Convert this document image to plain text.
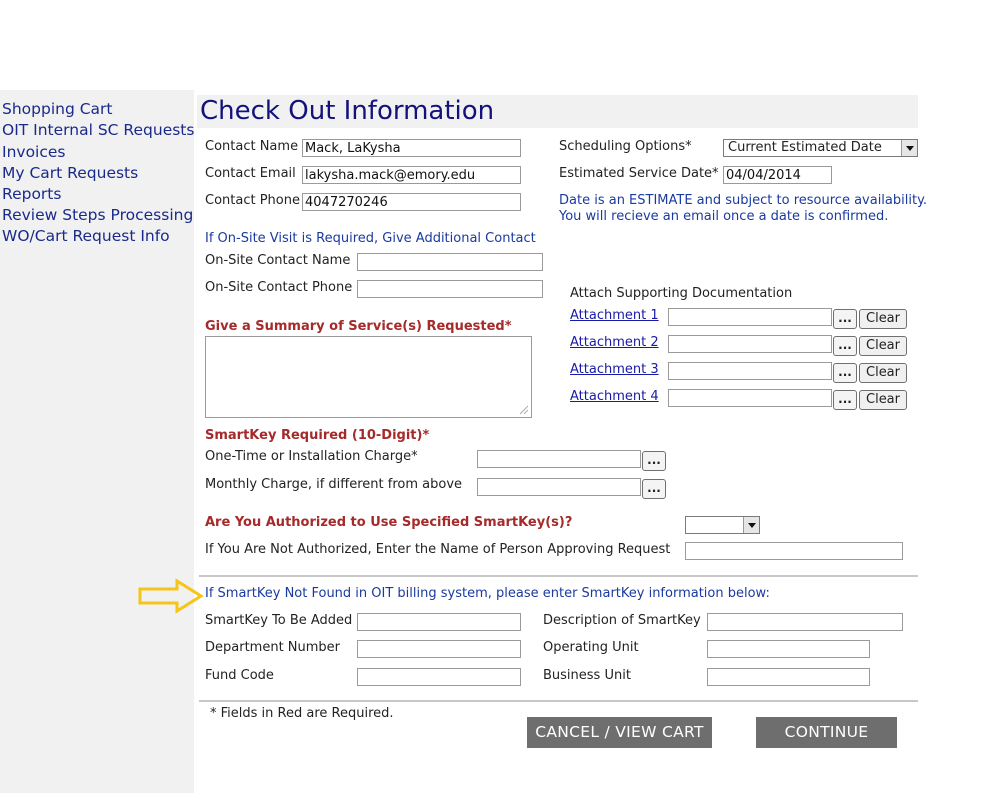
Shopping Cart
OIT Internal SC Requests
Invoices
My Cart Requests
Reports
Review Steps Processing
WO/Cart Request Info
Check Out Information
Contact Name Mack, LaKysha
Contact Email lakysha.mack@emory.edu
Contact Phone 4047270246
Scheduling Options*	Current Estimated Date
Estimated Service Date* 04/04/2014
Date is an ESTIMATE and subject to resource availability.
You will recieve an email once a date is confirmed.
If On-Site Visit is Required, Give Additional Contact
On-Site Contact Name
On-Site Contact Phone
Give a Summary of Service(s) Requested*
Attach Supporting Documentation
Attachment 1	...	Clear
Attachment 2	...	Clear
Attachment 3	...	Clear
Attachment 4	...	Clear
SmartKey Required (10-Digit)*
One-Time or Installation Charge*	...
Monthly Charge, if different from above	...
Are You Authorized to Use Specified SmartKey(s)?
If You Are Not Authorized, Enter the Name of Person Approving Request
If SmartKey Not Found in OIT billing system, please enter SmartKey information below:
SmartKey To Be Added	Description of SmartKey
Department Number	Operating Unit
Fund Code	Business Unit
* Fields in Red are Required.
CANCEL / VIEW CART	CONTINUE
